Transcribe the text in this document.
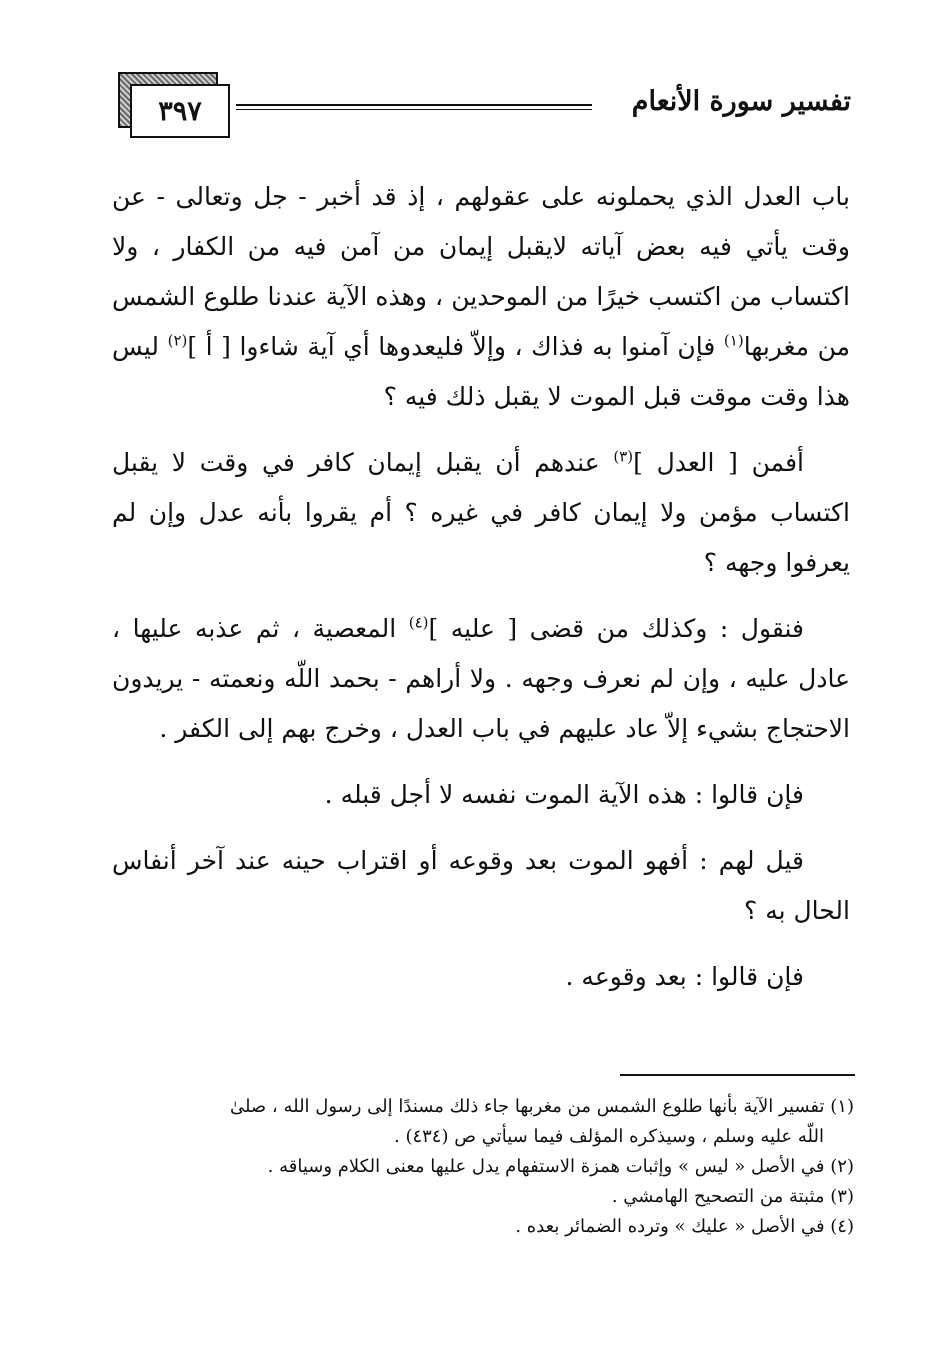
تفسير سورة الأنعام
٣٩٧

باب العدل الذي يحملونه على عقولهم ، إذ قد أخبر - جل وتعالى - عن وقت يأتي فيه بعض آياته لايقبل إيمان من آمن فيه من الكفار ، ولا اكتساب من اكتسب خيرًا من الموحدين ، وهذه الآية عندنا طلوع الشمس من مغربها$^{(١)}$ فإن آمنوا به فذاك ، وإلاّ فليعدوها أي آية شاءوا [ أ ]$^{(٢)}$ ليس هذا وقت موقت قبل الموت لا يقبل ذلك فيه ؟

أفمن [ العدل ]$^{(٣)}$ عندهم أن يقبل إيمان كافر في وقت لا يقبل اكتساب مؤمن ولا إيمان كافر في غيره ؟ أم يقروا بأنه عدل وإن لم يعرفوا وجهه ؟

فنقول : وكذلك من قضى [ عليه ]$^{(٤)}$ المعصية ، ثم عذبه عليها ، عادل عليه ، وإن لم نعرف وجهه . ولا أراهم - بحمد اللّه ونعمته - يريدون الاحتجاج بشيء إلاّ عاد عليهم في باب العدل ، وخرج بهم إلى الكفر .

فإن قالوا : هذه الآية الموت نفسه لا أجل قبله .

قيل لهم : أفهو الموت بعد وقوعه أو اقتراب حينه عند آخر أنفاس الحال به ؟

فإن قالوا : بعد وقوعه .

(١) تفسير الآية بأنها طلوع الشمس من مغربها جاء ذلك مسندًا إلى رسول الله ، صلىٰ

اللّه عليه وسلم ، وسيذكره المؤلف فيما سيأتي ص (٤٣٤) .

(٢) في الأصل « ليس » وإثبات همزة الاستفهام يدل عليها معنى الكلام وسياقه .

(٣) مثبتة من التصحيح الهامشي .

(٤) في الأصل « عليك » وترده الضمائر بعده .
